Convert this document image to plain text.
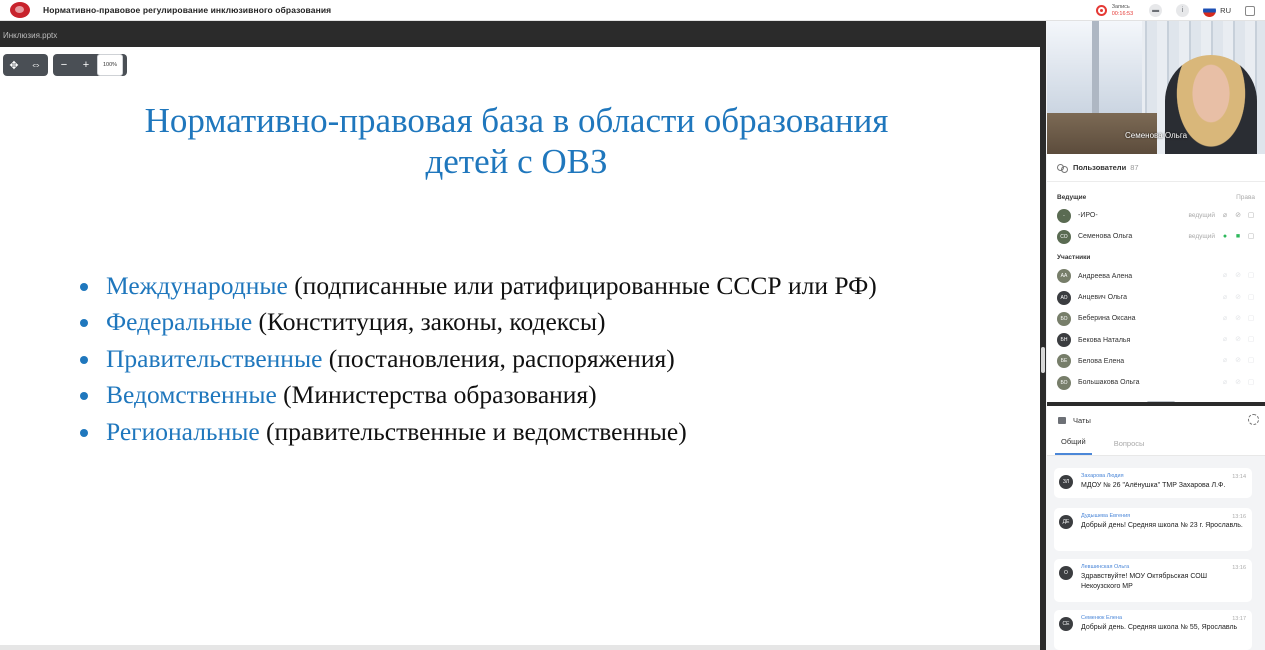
Нормативно-правовое регулирование инклюзивного образования	Запись
00:16:53	▬	i	RU
Инклюзия.pptx
Нормативно-правовая база в области образования
детей с ОВЗ
Международные (подписанные или ратифицированные СССР или РФ)
Федеральные (Конституция, законы, кодексы)
Правительственные (постановления, распоряжения)
Ведомственные (Министерства образования)
Региональные (правительственные и ведомственные)
✥	⇔	−	+	100%
Семенова Ольга
Пользователи 87
Ведущие	Права
-	-ИРО-	ведущий ⌀ ⊘ ▢
СО	Семенова Ольга	ведущий ● ■ ▢
Участники
АА	Андреева Алена	⌀ ⊘ ▢
АО	Анцевич Ольга	⌀ ⊘ ▢
БО	Беберина Оксана	⌀ ⊘ ▢
БН	Бекова Наталья	⌀ ⊘ ▢
БЕ	Белова Елена	⌀ ⊘ ▢
БО	Большакова Ольга	⌀ ⊘ ▢
Чаты
Общий	Вопросы
ЗЛ
Захарова Людия	13:14
МДОУ № 26 "Алёнушка" ТМР Захарова Л.Ф.
ДЕ
Дудышева Евгения	13:16
Добрый день! Средняя школа № 23 г. Ярославль.
О
Левшинская Ольга	13:16
Здравствуйте! МОУ Октябрьская СОШ Некоузского МР
СЕ
Семенюк Елена	13:17
Добрый день. Средняя школа № 55, Ярославль
